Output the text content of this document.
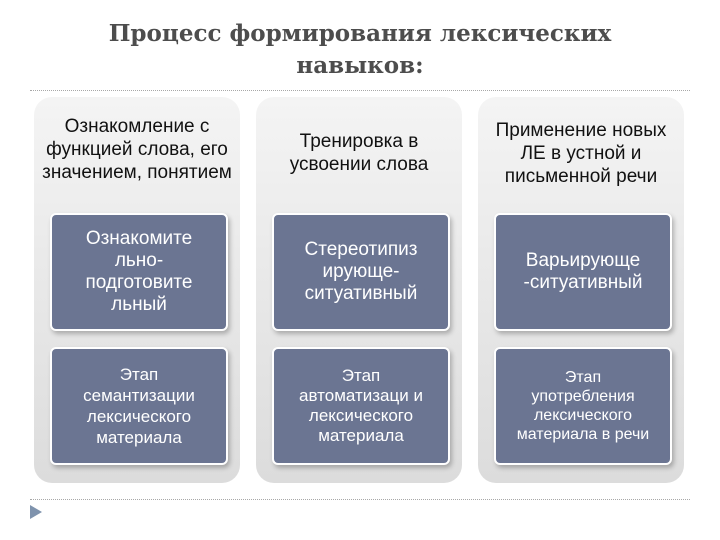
Процесс формирования лексических навыков:
Ознакомление с функцией слова, его значением, понятием
Ознакомите льно-подготовите льный
Этап семантизации лексического материала
Тренировка в усвоении слова
Стереотипиз ирующе-ситуативный
Этап автоматизаци и лексического материала
Применение новых ЛЕ в устной и письменной речи
Варьирующе -ситуативный
Этап употребления лексического материала в речи
